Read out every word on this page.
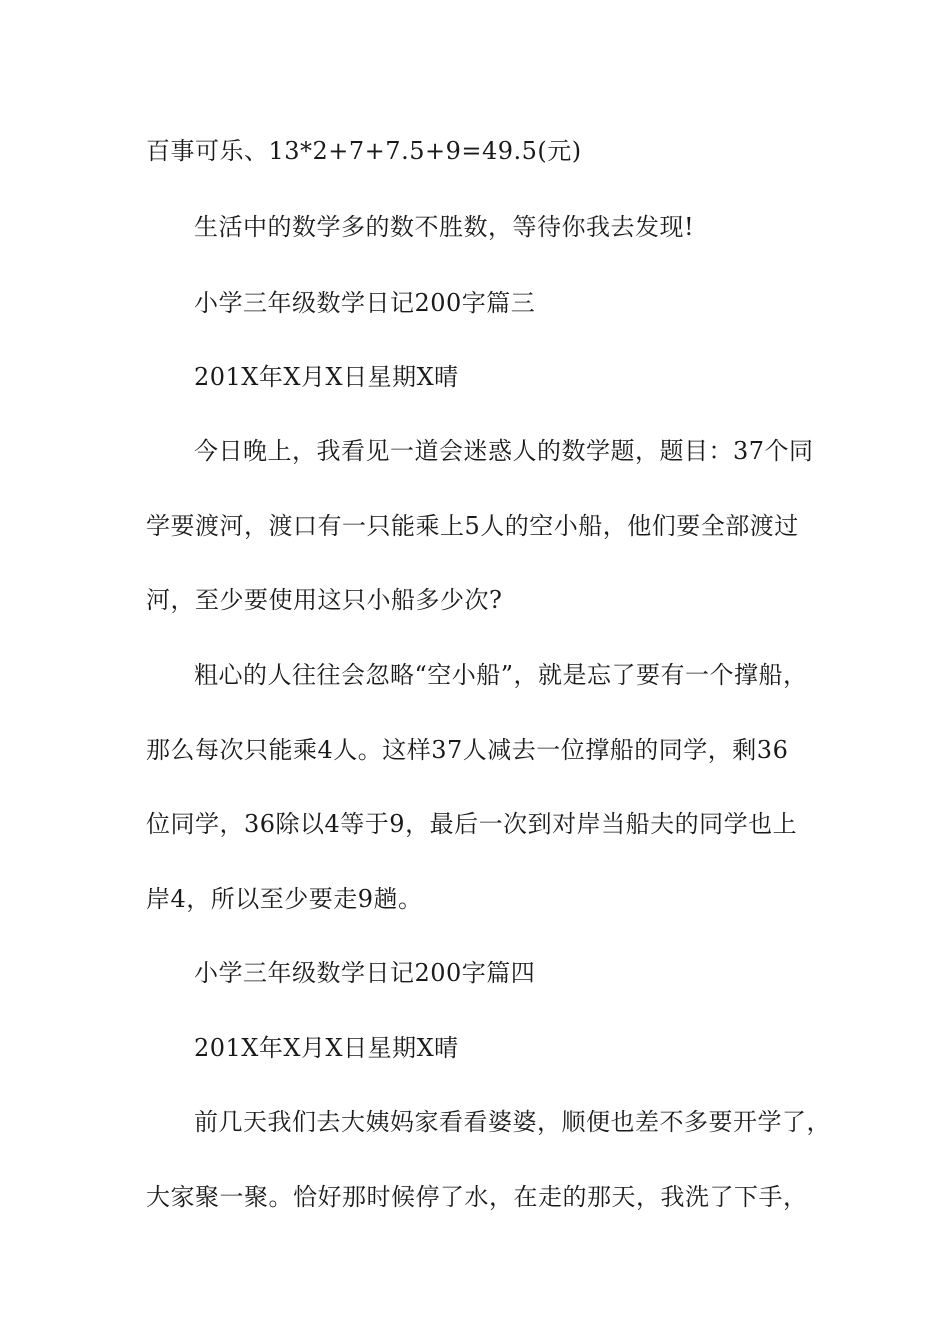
百事可乐、13*2+7+7.5+9=49.5(元)
生活中的数学多的数不胜数，等待你我去发现!
小学三年级数学日记200字篇三
201X年X月X日星期X晴
今日晚上，我看见一道会迷惑人的数学题，题目：37个同
学要渡河，渡口有一只能乘上5人的空小船，他们要全部渡过
河，至少要使用这只小船多少次?
粗心的人往往会忽略“空小船”，就是忘了要有一个撑船，
那么每次只能乘4人。这样37人减去一位撑船的同学，剩36
位同学，36除以4等于9，最后一次到对岸当船夫的同学也上
岸4，所以至少要走9趟。
小学三年级数学日记200字篇四
201X年X月X日星期X晴
前几天我们去大姨妈家看看婆婆，顺便也差不多要开学了，
大家聚一聚。恰好那时候停了水，在走的那天，我洗了下手，
